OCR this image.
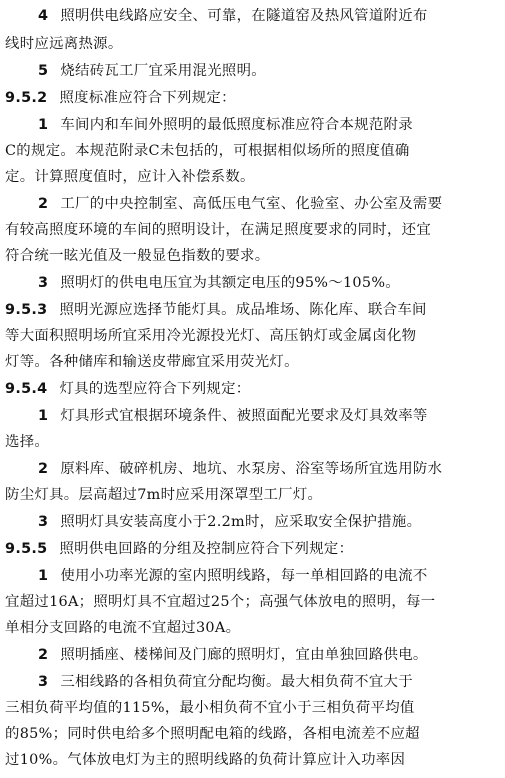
4 照明供电线路应安全、可靠，在隧道窑及热风管道附近布
线时应远离热源。
5 烧结砖瓦工厂宜采用混光照明。
9.5.2 照度标准应符合下列规定：
1 车间内和车间外照明的最低照度标准应符合本规范附录
C的规定。本规范附录C未包括的，可根据相似场所的照度值确
定。计算照度值时，应计入补偿系数。
2 工厂的中央控制室、高低压电气室、化验室、办公室及需要
有较高照度环境的车间的照明设计，在满足照度要求的同时，还宜
符合统一眩光值及一般显色指数的要求。
3 照明灯的供电电压宜为其额定电压的95%～105%。
9.5.3 照明光源应选择节能灯具。成品堆场、陈化库、联合车间
等大面积照明场所宜采用冷光源投光灯、高压钠灯或金属卤化物
灯等。各种储库和输送皮带廊宜采用荧光灯。
9.5.4 灯具的选型应符合下列规定：
1 灯具形式宜根据环境条件、被照面配光要求及灯具效率等
选择。
2 原料库、破碎机房、地坑、水泵房、浴室等场所宜选用防水
防尘灯具。层高超过7m时应采用深罩型工厂灯。
3 照明灯具安装高度小于2.2m时，应采取安全保护措施。
9.5.5 照明供电回路的分组及控制应符合下列规定：
1 使用小功率光源的室内照明线路，每一单相回路的电流不
宜超过16A；照明灯具不宜超过25个；高强气体放电的照明，每一
单相分支回路的电流不宜超过30A。
2 照明插座、楼梯间及门廊的照明灯，宜由单独回路供电。
3 三相线路的各相负荷宜分配均衡。最大相负荷不宜大于
三相负荷平均值的115%，最小相负荷不宜小于三相负荷平均值
的85%；同时供电给多个照明配电箱的线路，各相电流差不应超
过10%。气体放电灯为主的照明线路的负荷计算应计入功率因
